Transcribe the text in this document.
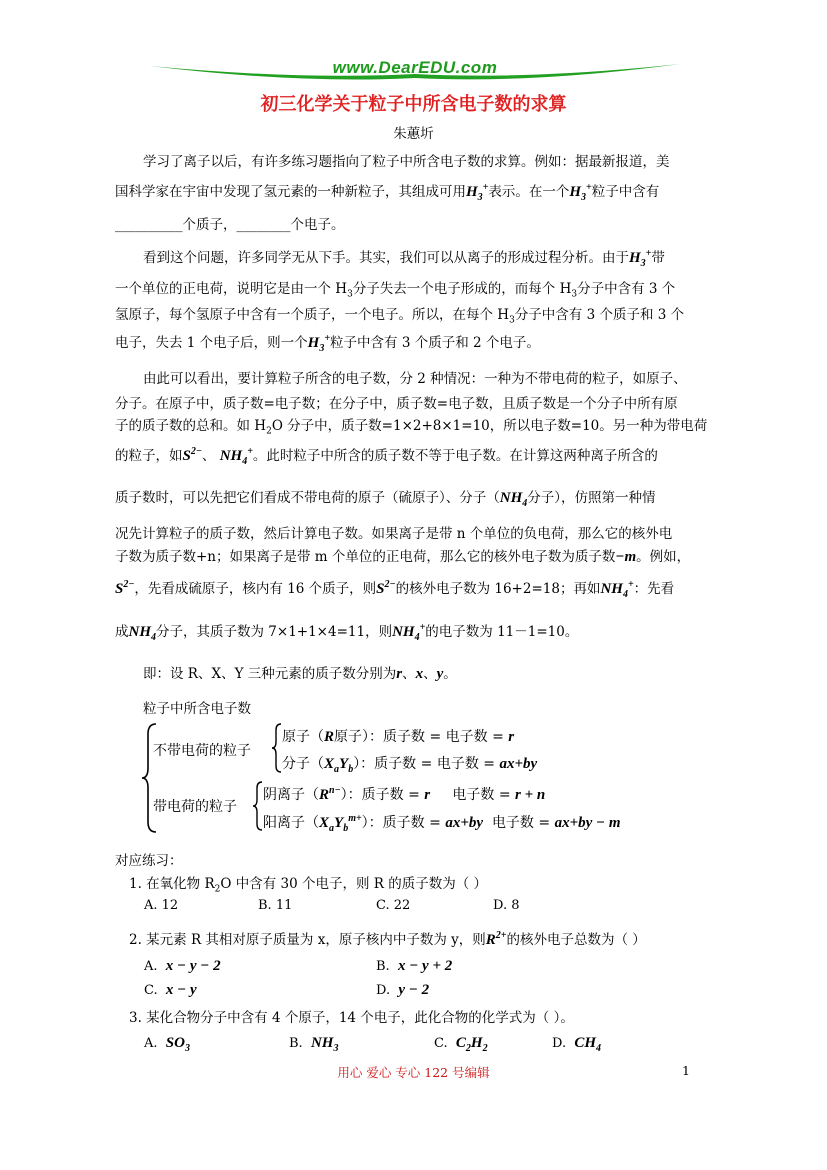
www.DearEDU.com
初三化学关于粒子中所含电子数的求算
朱蕙圻
学习了离子以后，有许多练习题指向了粒子中所含电子数的求算。例如：据最新报道，美
国科学家在宇宙中发现了氢元素的一种新粒子，其组成可用$H_3^+$表示。在一个$H_3^+$粒子中含有
__________个质子，________个电子。
看到这个问题，许多同学无从下手。其实，我们可以从离子的形成过程分析。由于$H_3^+$带
一个单位的正电荷，说明它是由一个 $H_3$分子失去一个电子形成的，而每个 $H_3$分子中含有 3 个
氢原子，每个氢原子中含有一个质子，一个电子。所以，在每个 $H_3$分子中含有 3 个质子和 3 个
电子，失去 1 个电子后，则一个$H_3^+$粒子中含有 3 个质子和 2 个电子。
由此可以看出，要计算粒子所含的电子数，分 2 种情况：一种为不带电荷的粒子，如原子、
分子。在原子中，质子数=电子数；在分子中，质子数=电子数，且质子数是一个分子中所有原
子的质子数的总和。如 $H_2O$ 分子中，质子数=1×2+8×1=10，所以电子数=10。另一种为带电荷
的粒子，如$S^{2-}$、 $NH_4^+$。此时粒子中所含的质子数不等于电子数。在计算这两种离子所含的
质子数时，可以先把它们看成不带电荷的原子（硫原子）、分子（$NH_4$分子），仿照第一种情
况先计算粒子的质子数，然后计算电子数。如果离子是带 n 个单位的负电荷，那么它的核外电
子数为质子数+n；如果离子是带 m 个单位的正电荷，那么它的核外电子数为质子数−m。例如，
$S^{2-}$，先看成硫原子，核内有 16 个质子，则$S^{2-}$的核外电子数为 16+2=18；再如$NH_4^+$：先看
成$NH_4$分子，其质子数为 7×1+1×4=11，则$NH_4^+$的电子数为 11－1=10。
即：设 R、X、Y 三种元素的质子数分别为r、x、y。
粒子中所含电子数
不带电荷的粒子
原子（R原子）：质子数 = 电子数 = r
分子$(X_aY_b)$：质子数 = 电子数 = ax+by
带电荷的粒子
阴离子$(R^{n-})$：质子数 = r 电子数 = r + n
阳离子$(X_aY_b^{m+})$：质子数 = ax+by 电子数 = ax+by − m
对应练习：
1. 在氧化物 $R_2O$ 中含有 30 个电子，则 R 的质子数为（ ）
A. 12	B. 11	C. 22	D. 8
2. 某元素 R 其相对原子质量为 x，原子核内中子数为 y，则$R^{2+}$的核外电子总数为（ ）
A. x − y − 2	B. x − y + 2
C. x − y	D. y − 2
3. 某化合物分子中含有 4 个原子，14 个电子，此化合物的化学式为（ ）。
A. $SO_3$	B. $NH_3$	C. $C_2H_2$	D. $CH_4$
用心 爱心 专心 122 号编辑	1
